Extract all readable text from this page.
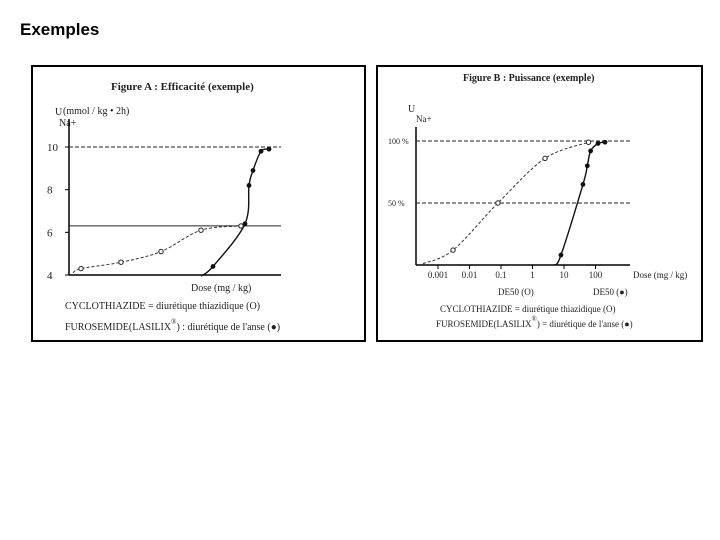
Exemples
Figure A : Efficacité (exemple)
U (mmol / kg • 2h)
Na+
10
8
6
4
Dose (mg / kg)
CYCLOTHIAZIDE = diurétique thiazidique (O)
FUROSEMIDE(LASILIX®) : diurétique de l'anse (●)
Figure B : Puissance (exemple)
U
Na+
100 %
50 %
0.001 0.01 0.1	1	10 100	Dose (mg / kg)
DE50 (O)	DE50 (●)
CYCLOTHIAZIDE = diurétique thiazidique (O)
FUROSEMIDE(LASILIX®) = diurétique de l'anse (●)
